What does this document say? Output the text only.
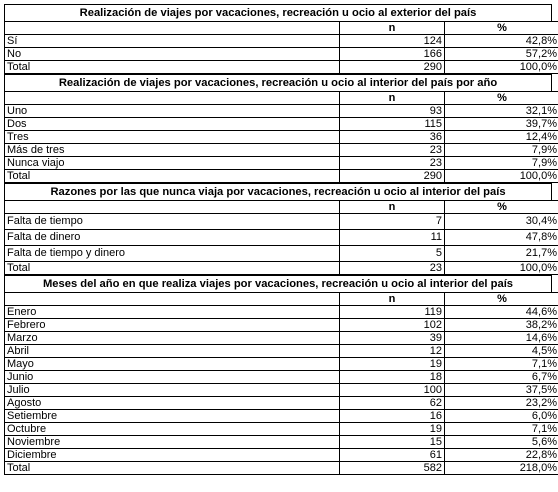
Realización de viajes por vacaciones, recreación u ocio al exterior del país
	n	%
Sí	124	42,8%
No	166	57,2%
Total	290	100,0%
Realización de viajes por vacaciones, recreación u ocio al interior del país por año
	n	%
Uno	93	32,1%
Dos	115	39,7%
Tres	36	12,4%
Más de tres	23	7,9%
Nunca viajo	23	7,9%
Total	290	100,0%
Razones por las que nunca viaja por vacaciones, recreación u ocio al interior del país
	n	%
Falta de tiempo	7	30,4%
Falta de dinero	11	47,8%
Falta de tiempo y dinero	5	21,7%
Total	23	100,0%
Meses del año en que realiza viajes por vacaciones, recreación u ocio al interior del país
	n	%
Enero	119	44,6%
Febrero	102	38,2%
Marzo	39	14,6%
Abril	12	4,5%
Mayo	19	7,1%
Junio	18	6,7%
Julio	100	37,5%
Agosto	62	23,2%
Setiembre	16	6,0%
Octubre	19	7,1%
Noviembre	15	5,6%
Diciembre	61	22,8%
Total	582	218,0%
